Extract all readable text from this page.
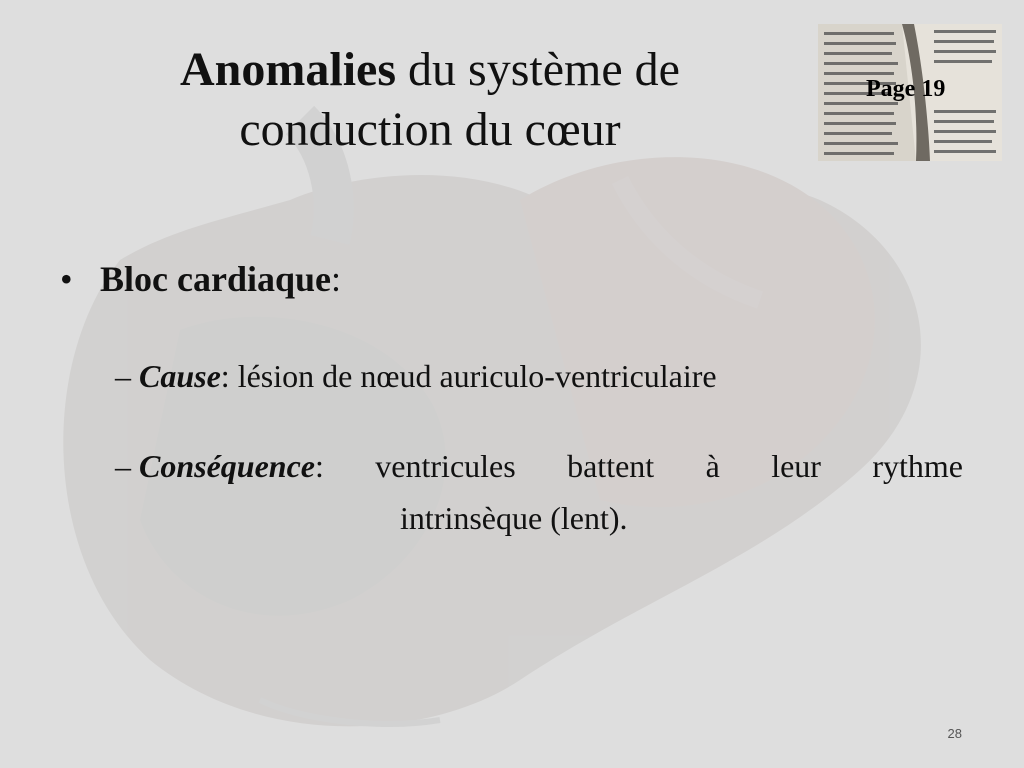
Anomalies du système de
conduction du cœur
Page 19
• Bloc cardiaque:
– Cause: lésion de nœud auriculo-ventriculaire
– Conséquence: ventricules battent à leur rythme
intrinsèque (lent).
28
